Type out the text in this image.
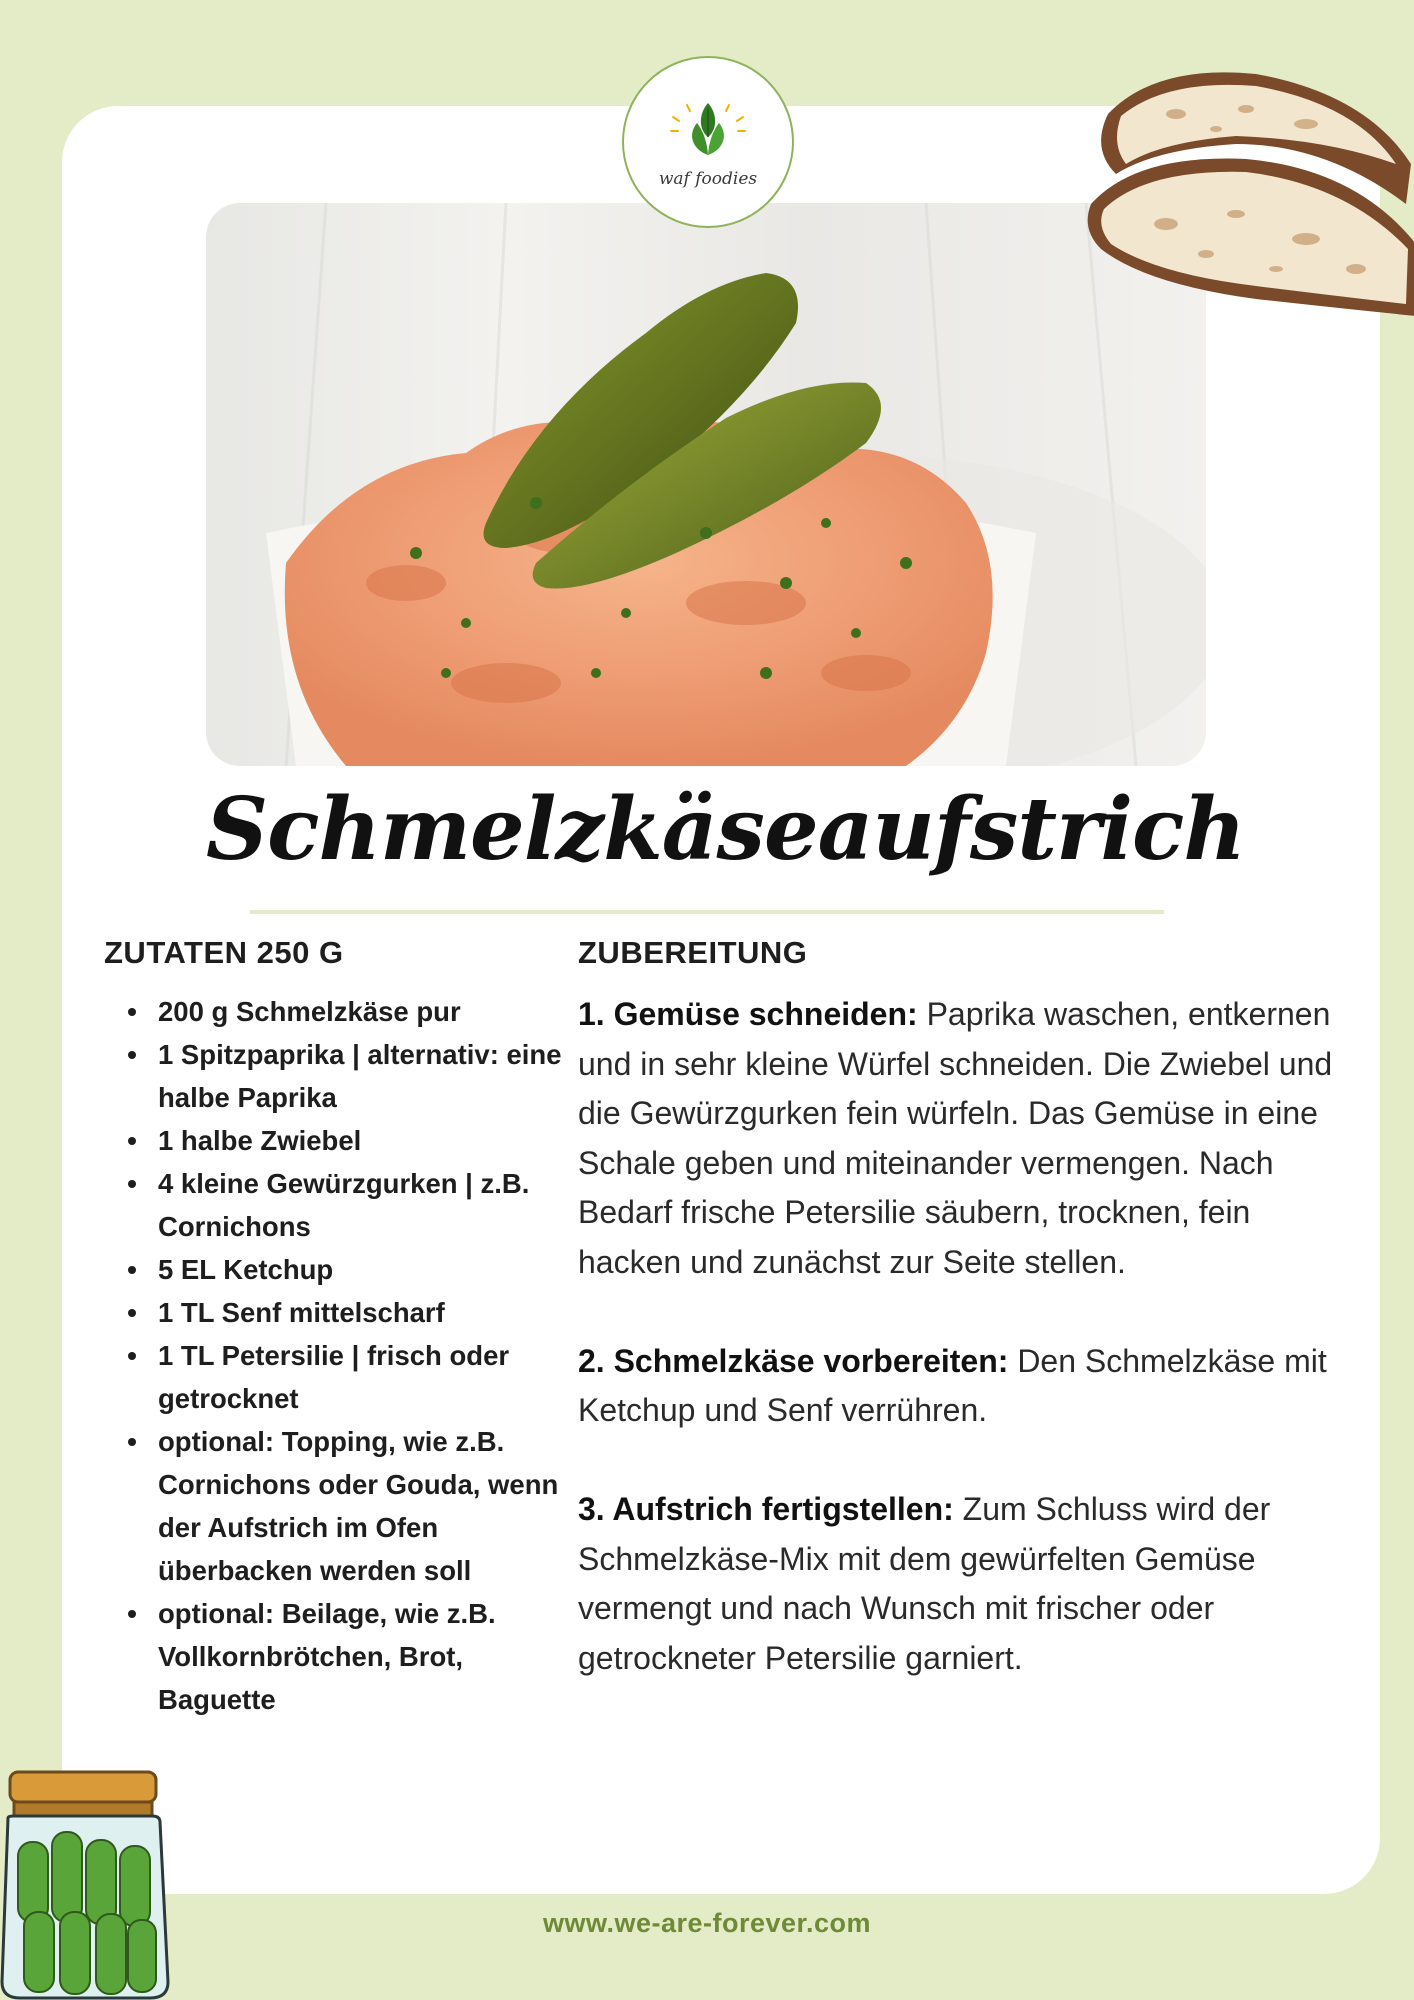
waf foodies
Schmelzkäseaufstrich
ZUTATEN 250 G
200 g Schmelzkäse pur
1 Spitzpaprika | alternativ: eine halbe Paprika
1 halbe Zwiebel
4 kleine Gewürzgurken | z.B. Cornichons
5 EL Ketchup
1 TL Senf mittelscharf
1 TL Petersilie | frisch oder getrocknet
optional: Topping, wie z.B. Cornichons oder Gouda, wenn der Aufstrich im Ofen überbacken werden soll
optional: Beilage, wie z.B. Vollkornbrötchen, Brot, Baguette
ZUBEREITUNG

1. Gemüse schneiden: Paprika waschen, entkernen und in sehr kleine Würfel schneiden. Die Zwiebel und die Gewürzgurken fein würfeln. Das Gemüse in eine Schale geben und miteinander vermengen. Nach Bedarf frische Petersilie säubern, trocknen, fein hacken und zunächst zur Seite stellen.

2. Schmelzkäse vorbereiten: Den Schmelzkäse mit Ketchup und Senf verrühren.

3. Aufstrich fertigstellen: Zum Schluss wird der Schmelzkäse-Mix mit dem gewürfelten Gemüse vermengt und nach Wunsch mit frischer oder getrockneter Petersilie garniert.

www.we-are-forever.com
